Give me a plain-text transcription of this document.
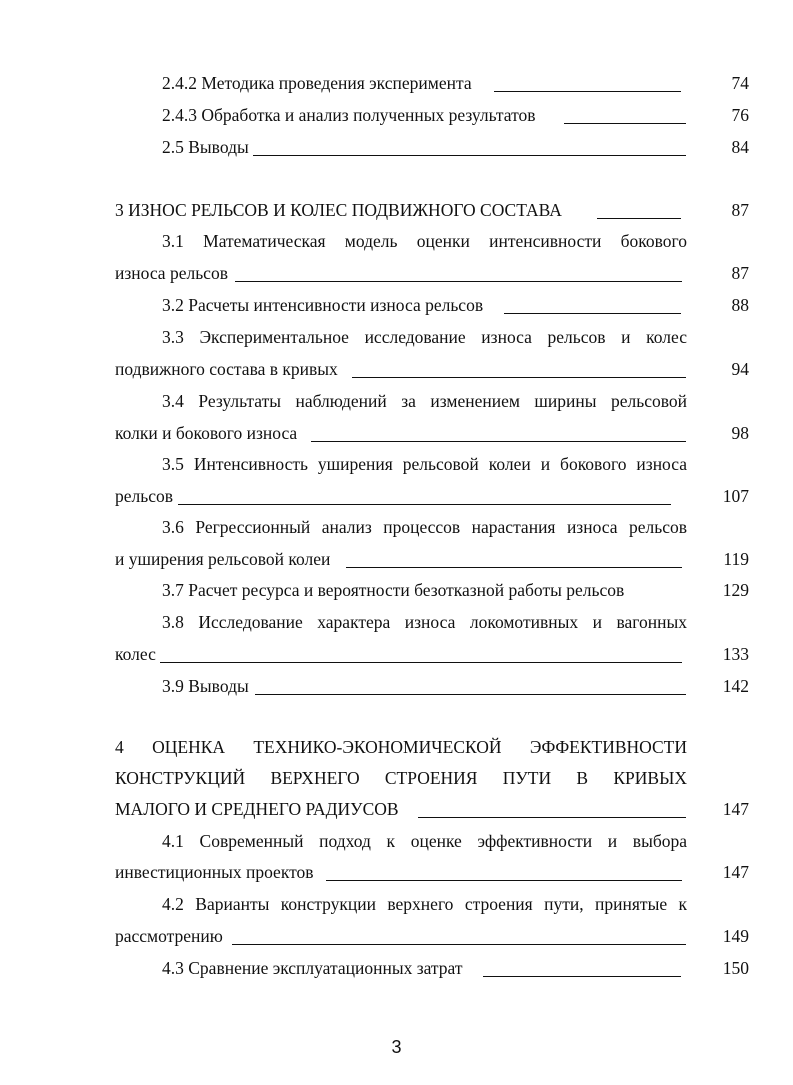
2.4.2 Методика проведения эксперимента	74
2.4.3 Обработка и анализ полученных результатов	76
2.5 Выводы	84
3 ИЗНОС РЕЛЬСОВ И КОЛЕС ПОДВИЖНОГО СОСТАВА	87
3.1 Математическая модель оценки интенсивности бокового
износа рельсов	87
3.2 Расчеты интенсивности износа рельсов	88
3.3 Экспериментальное исследование износа рельсов и колес
подвижного состава в кривых	94
3.4 Результаты наблюдений за изменением ширины рельсовой
колки и бокового износа	98
3.5 Интенсивность уширения рельсовой колеи и бокового износа
рельсов	107
3.6 Регрессионный анализ процессов нарастания износа рельсов
и уширения рельсовой колеи	119
3.7 Расчет ресурса и вероятности безотказной работы рельсов	129
3.8 Исследование характера износа локомотивных и вагонных
колес	133
3.9 Выводы	142
4 ОЦЕНКА ТЕХНИКО-ЭКОНОМИЧЕСКОЙ ЭФФЕКТИВНОСТИ
КОНСТРУКЦИЙ ВЕРХНЕГО СТРОЕНИЯ ПУТИ В КРИВЫХ
МАЛОГО И СРЕДНЕГО РАДИУСОВ	147
4.1 Современный подход к оценке эффективности и выбора
инвестиционных проектов	147
4.2 Варианты конструкции верхнего строения пути, принятые к
рассмотрению	149
4.3 Сравнение эксплуатационных затрат	150
3
